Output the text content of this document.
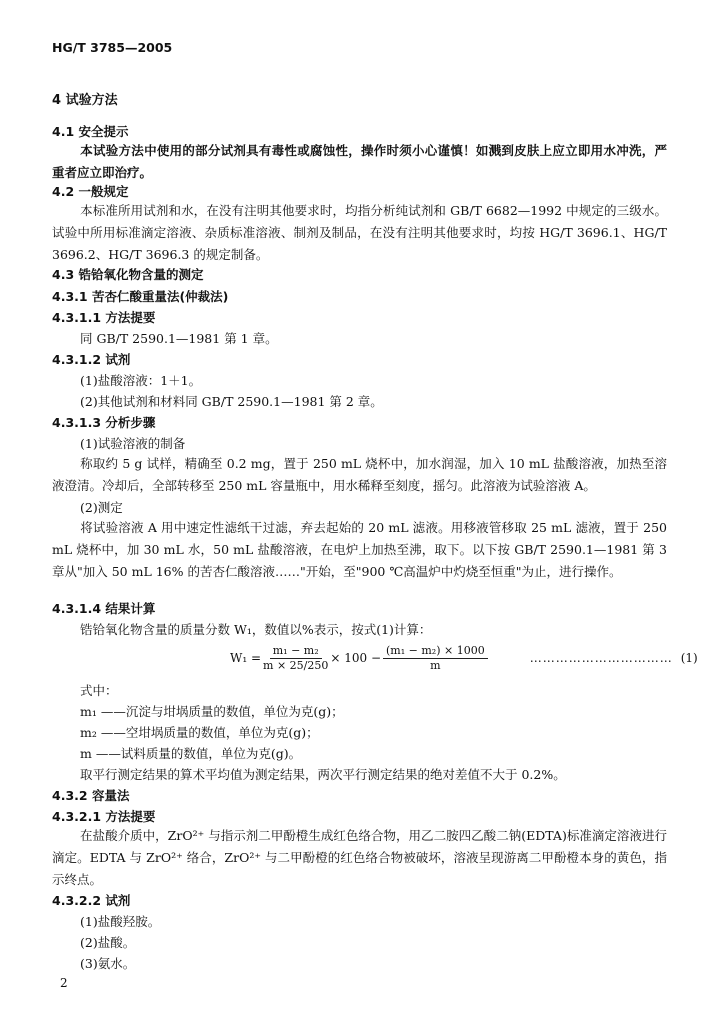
HG/T 3785—2005
4 试验方法
4.1 安全提示
本试验方法中使用的部分试剂具有毒性或腐蚀性，操作时须小心谨慎！如溅到皮肤上应立即用水冲洗，严重者应立即治疗。
4.2 一般规定
本标准所用试剂和水，在没有注明其他要求时，均指分析纯试剂和 GB/T 6682—1992 中规定的三级水。试验中所用标准滴定溶液、杂质标准溶液、制剂及制品，在没有注明其他要求时，均按 HG/T 3696.1、HG/T 3696.2、HG/T 3696.3 的规定制备。
4.3 锆铪氧化物含量的测定
4.3.1 苦杏仁酸重量法(仲裁法)
4.3.1.1 方法提要
同 GB/T 2590.1—1981 第 1 章。
4.3.1.2 试剂
(1)盐酸溶液：1＋1。
(2)其他试剂和材料同 GB/T 2590.1—1981 第 2 章。
4.3.1.3 分析步骤
(1)试验溶液的制备
称取约 5 g 试样，精确至 0.2 mg，置于 250 mL 烧杯中，加水润湿，加入 10 mL 盐酸溶液，加热至溶液澄清。冷却后，全部转移至 250 mL 容量瓶中，用水稀释至刻度，摇匀。此溶液为试验溶液 A。
(2)测定
将试验溶液 A 用中速定性滤纸干过滤，弃去起始的 20 mL 滤液。用移液管移取 25 mL 滤液，置于 250 mL 烧杯中，加 30 mL 水，50 mL 盐酸溶液，在电炉上加热至沸，取下。以下按 GB/T 2590.1—1981 第 3 章从"加入 50 mL 16% 的苦杏仁酸溶液……"开始，至"900 ℃高温炉中灼烧至恒重"为止，进行操作。
4.3.1.4 结果计算
锆铪氧化物含量的质量分数 W₁，数值以%表示，按式(1)计算：
$W_1 = \frac{\text{m₁ − m₂}}{m \times 25/250} \times 100 - \frac{\text{(m₁ − m₂) × 1000}}{m}$	…………………………… (1)
式中：
m₁ ——沉淀与坩埚质量的数值，单位为克(g)；
m₂ ——空坩埚质量的数值，单位为克(g)；
m ——试料质量的数值，单位为克(g)。
取平行测定结果的算术平均值为测定结果，两次平行测定结果的绝对差值不大于 0.2%。
4.3.2 容量法
4.3.2.1 方法提要
在盐酸介质中，ZrO²⁺ 与指示剂二甲酚橙生成红色络合物，用乙二胺四乙酸二钠(EDTA)标准滴定溶液进行滴定。EDTA 与 ZrO²⁺ 络合，ZrO²⁺ 与二甲酚橙的红色络合物被破坏，溶液呈现游离二甲酚橙本身的黄色，指示终点。
4.3.2.2 试剂
(1)盐酸羟胺。
(2)盐酸。
(3)氨水。
2
